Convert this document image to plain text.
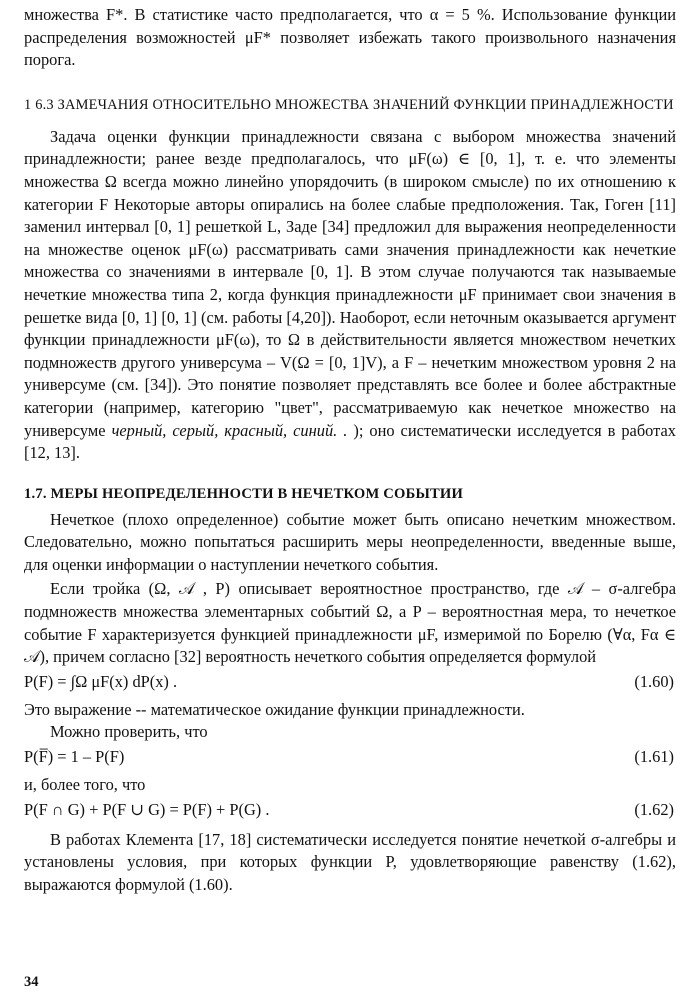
множества F*. В статистике часто предполагается, что α = 5 %. Использование функции распределения возможностей μF* позволяет избежать такого произвольного назначения порога.

1 6.3 ЗАМЕЧАНИЯ ОТНОСИТЕЛЬНО МНОЖЕСТВА ЗНАЧЕНИЙ ФУНКЦИИ ПРИНАДЛЕЖНОСТИ

Задача оценки функции принадлежности связана с выбором множества значений принадлежности; ранее везде предполагалось, что μF(ω) ∈ [0, 1], т. е. что элементы множества Ω всегда можно линейно упорядочить (в широком смысле) по их отношению к категории F Некоторые авторы опирались на более слабые предположения. Так, Гоген [11] заменил интервал [0, 1] решеткой L, Заде [34] предложил для выражения неопределенности на множестве оценок μF(ω) рассматривать сами значения принадлежности как нечеткие множества со значениями в интервале [0, 1]. В этом случае получаются так называемые нечеткие множества типа 2, когда функция принадлежности μF принимает свои значения в решетке вида [0, 1] [0, 1] (см. работы [4,20]). Наоборот, если неточным оказывается аргумент функции принадлежности μF(ω), то Ω в действительности является множеством нечетких подмножеств другого универсума – V(Ω = [0, 1]V), а F – нечетким множеством уровня 2 на универсуме (см. [34]). Это понятие позволяет представлять все более и более абстрактные категории (например, категорию "цвет", рассматриваемую как нечеткое множество на универсуме черный, серый, красный, синий. . ); оно систематически исследуется в работах [12, 13].

1.7. МЕРЫ НЕОПРЕДЕЛЕННОСТИ В НЕЧЕТКОМ СОБЫТИИ

Нечеткое (плохо определенное) событие может быть описано нечетким множеством. Следовательно, можно попытаться расширить меры неопределенности, введенные выше, для оценки информации о наступлении нечеткого события.

Если тройка (Ω, 𝒜 , P) описывает вероятностное пространство, где 𝒜 – σ-алгебра подмножеств множества элементарных событий Ω, а P – вероятностная мера, то нечеткое событие F характеризуется функцией принадлежности μF, измеримой по Борелю (∀α, Fα ∈ 𝒜), причем согласно [32] вероятность нечеткого события определяется формулой

P(F) = ∫Ω μF(x) dP(x) .	(1.60)

Это выражение -- математическое ожидание функции принадлежности.

Можно проверить, что

P(F̅) = 1 – P(F)	(1.61)

и, более того, что

P(F ∩ G) + P(F ∪ G) = P(F) + P(G) .	(1.62)

В работах Клемента [17, 18] систематически исследуется понятие нечеткой σ-алгебры и установлены условия, при которых функции P, удовлетворяющие равенству (1.62), выражаются формулой (1.60).

34
